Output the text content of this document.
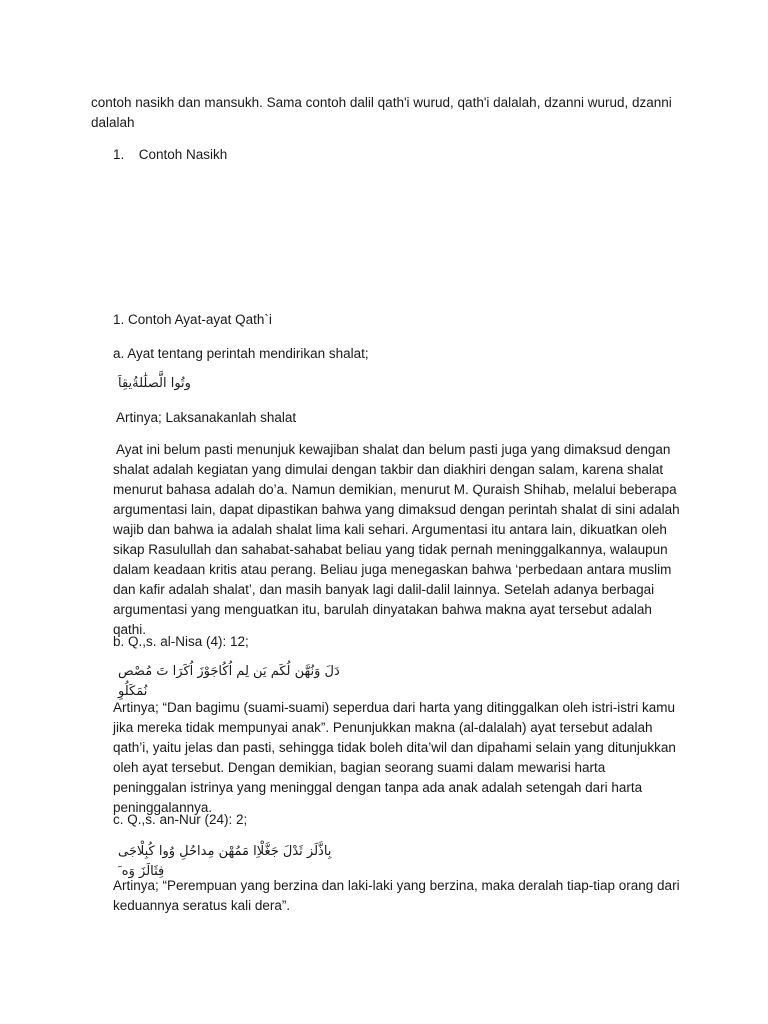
contoh nasikh dan mansukh. Sama contoh dalil qath'i wurud, qath'i dalalah, dzanni wurud, dzanni dalalah

1. Contoh Nasikh

1. Contoh Ayat-ayat Qath`i

a. Ayat tentang perintah mendirikan shalat;

وتُوا الَّصلَٰلةُيقِاَ

Artinya; Laksanakanlah shalat

Ayat ini belum pasti menunjuk kewajiban shalat dan belum pasti juga yang dimaksud dengan shalat adalah kegiatan yang dimulai dengan takbir dan diakhiri dengan salam, karena shalat menurut bahasa adalah do’a. Namun demikian, menurut M. Quraish Shihab, melalui beberapa argumentasi lain, dapat dipastikan bahwa yang dimaksud dengan perintah shalat di sini adalah wajib dan bahwa ia adalah shalat lima kali sehari. Argumentasi itu antara lain, dikuatkan oleh sikap Rasulullah dan sahabat-sahabat beliau yang tidak pernah meninggalkannya, walaupun dalam keadaan kritis atau perang. Beliau juga menegaskan bahwa ‘perbedaan antara muslim dan kafir adalah shalat’, dan masih banyak lagi dalil-dalil lainnya. Setelah adanya berbagai argumentasi yang menguatkan itu, barulah dinyatakan bahwa makna ayat tersebut adalah qathi.

b. Q.,s. al-Nisa (4): 12;

دَلَ وَنُهَّن لُكَم يَن لِم اُكُاجَوْزَ اُكَرَا تَ مُصْص نُمَكَلُوِ

Artinya; “Dan bagimu (suami-suami) seperdua dari harta yang ditinggalkan oleh istri-istri kamu jika mereka tidak mempunyai anak”. Penunjukkan makna (al-dalalah) ayat tersebut adalah qath’i, yaitu jelas dan pasti, sehingga tidak boleh dita’wil dan dipahami selain yang ditunjukkan oleh ayat tersebut. Dengan demikian, bagian seorang suami dalam mewarisi harta peninggalan istrinya yang meninggal dengan tanpa ada anak adalah setengah dari harta peninggalannya.

c. Q.,s. an-Nur (24): 2;

بِاذَّلَز ثَدْلَ جَغَّلْاِا مَمُهْن مِداحُلِ وُوا كُبِلْاجَى فِثَالَزَ وَه َ

Artinya; “Perempuan yang berzina dan laki-laki yang berzina, maka deralah tiap-tiap orang dari keduannya seratus kali dera”.
